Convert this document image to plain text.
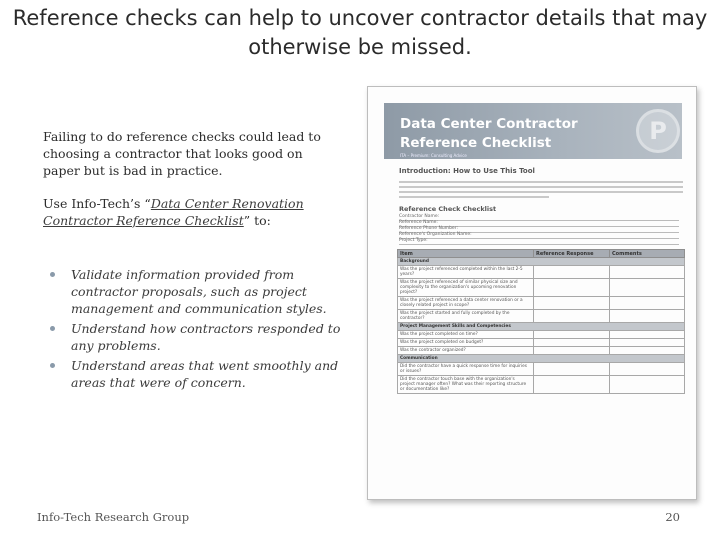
Reference checks can help to uncover contractor details that may otherwise be missed.

Failing to do reference checks could lead to choosing a contractor that looks good on paper but is bad in practice.

Use Info-Tech’s “Data Center Renovation Contractor Reference Checklist” to:

Validate information provided from contractor proposals, such as project management and communication styles.
Understand how contractors responded to any problems.
Understand areas that went smoothly and areas that were of concern.
Data Center Contractor
Reference Checklist
ITA – Premium: Consulting Advice
P
Introduction: How to Use This Tool
Reference Check Checklist
Contractor Name:
Reference Name:
Reference Phone Number:
Reference's Organization Name:
Project Type:
Item	Reference Response	Comments
Background		
Was the project referenced completed within the last 2-5 years?		
Was the project referenced of similar physical size and complexity to the organization's upcoming renovation project?		
Was the project referenced a data center renovation or a closely related project in scope?		
Was the project started and fully completed by the contractor?		
Project Management Skills and Competencies		
Was the project completed on time?		
Was the project completed on budget?		
Was the contractor organized?		
Communication		
Did the contractor have a quick response time for inquiries or issues?		
Did the contractor touch base with the organization's project manager often? What was their reporting structure or documentation like?		
Info-Tech Research Group	20
